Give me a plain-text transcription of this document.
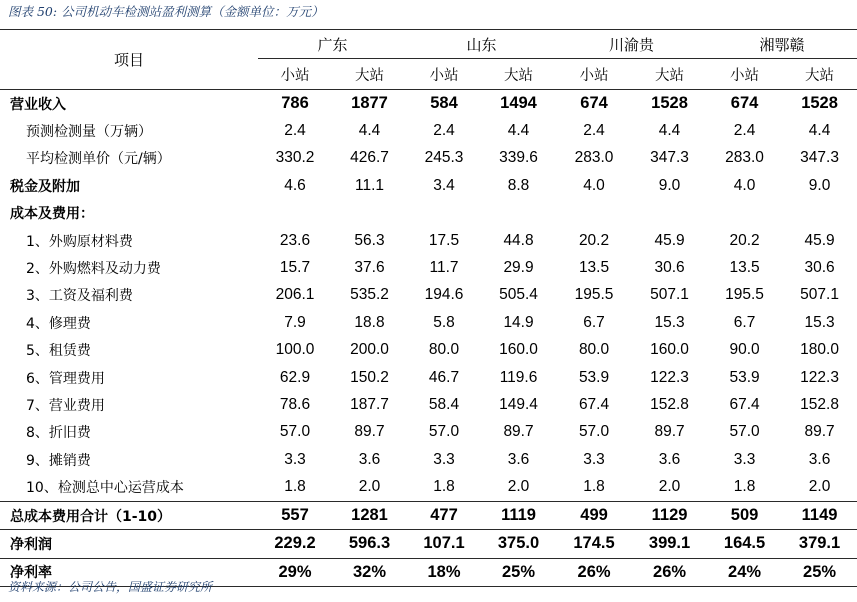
图表 50: 公司机动车检测站盈利测算（金额单位：万元）
项目	广东		山东		川渝贵		湘鄂赣	
	小站	大站	小站	大站	小站	大站	小站	大站
营业收入	786	1877	584	1494	674	1528	674	1528
预测检测量（万辆）	2.4	4.4	2.4	4.4	2.4	4.4	2.4	4.4
平均检测单价（元/辆）	330.2	426.7	245.3	339.6	283.0	347.3	283.0	347.3
税金及附加	4.6	11.1	3.4	8.8	4.0	9.0	4.0	9.0
成本及费用：								
1、外购原材料费	23.6	56.3	17.5	44.8	20.2	45.9	20.2	45.9
2、外购燃料及动力费	15.7	37.6	11.7	29.9	13.5	30.6	13.5	30.6
3、工资及福利费	206.1	535.2	194.6	505.4	195.5	507.1	195.5	507.1
4、修理费	7.9	18.8	5.8	14.9	6.7	15.3	6.7	15.3
5、租赁费	100.0	200.0	80.0	160.0	80.0	160.0	90.0	180.0
6、管理费用	62.9	150.2	46.7	119.6	53.9	122.3	53.9	122.3
7、营业费用	78.6	187.7	58.4	149.4	67.4	152.8	67.4	152.8
8、折旧费	57.0	89.7	57.0	89.7	57.0	89.7	57.0	89.7
9、摊销费	3.3	3.6	3.3	3.6	3.3	3.6	3.3	3.6
10、检测总中心运营成本	1.8	2.0	1.8	2.0	1.8	2.0	1.8	2.0
总成本费用合计（1-10）	557	1281	477	1119	499	1129	509	1149
净利润	229.2	596.3	107.1	375.0	174.5	399.1	164.5	379.1
净利率	29%	32%	18%	25%	26%	26%	24%	25%
资料来源：公司公告，国盛证券研究所
